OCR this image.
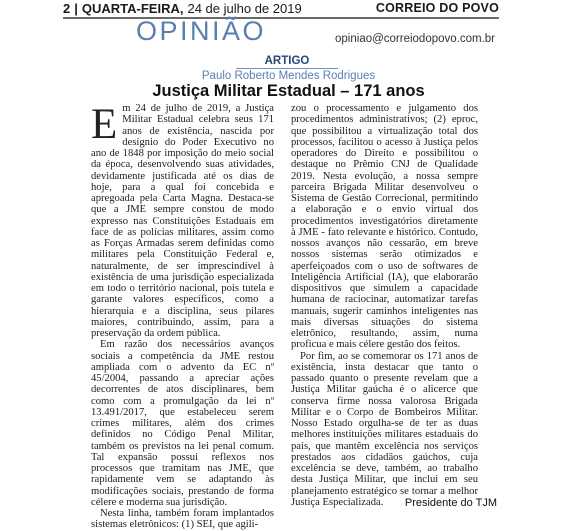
2 | QUARTA-FEIRA, 24 de julho de 2019	CORREIO DO POVO
OPINIÃO	opiniao@correiodopovo.com.br
ARTIGO
Paulo Roberto Mendes Rodrigues
Justiça Militar Estadual – 171 anos
E m 24 de julho de 2019, a Justiça Militar Estadual celebra seus 171 anos de existência, nascida por desígnio do Poder Executivo no ano de 1848 por imposição do meio social da época, desenvolvendo suas atividades, devidamente justificada até os dias de hoje, para a qual foi concebida e apregoada pela Carta Magna. Destaca-se que a JME sempre constou de modo expresso nas Constituições Estaduais em face de as polícias militares, assim como as Forças Armadas serem definidas como militares pela Constituição Federal e, naturalmente, de ser imprescindível à existência de uma jurisdição especializada em todo o território nacional, pois tutela e garante valores específicos, como a hierarquia e a disciplina, seus pilares maiores, contribuindo, assim, para a preservação da ordem pública.

Em razão dos necessários avanços sociais a competência da JME restou ampliada com o advento da EC nº 45/2004, passando a apreciar ações decorrentes de atos disciplinares, bem como com a promulgação da lei nº 13.491/2017, que estabeleceu serem crimes militares, além dos crimes definidos no Código Penal Militar, também os previstos na lei penal comum. Tal expansão possui reflexos nos processos que tramitam nas JME, que rapidamente vem se adaptando às modificações sociais, prestando de forma célere e moderna sua jurisdição.

Nesta linha, também foram implantados sistemas eletrônicos: (1) SEI, que agili-

zou o processamento e julgamento dos procedimentos administrativos; (2) eproc, que possibilitou a virtualização total dos processos, facilitou o acesso à Justiça pelos operadores do Direito e possibilitou o destaque no Prêmio CNJ de Qualidade 2019. Nesta evolução, a nossa sempre parceira Brigada Militar desenvolveu o Sistema de Gestão Correcional, permitindo a elaboração e o envio virtual dos procedimentos investigatórios diretamente à JME - fato relevante e histórico. Contudo, nossos avanços não cessarão, em breve nossos sistemas serão otimizados e aperfeiçoados com o uso de softwares de Inteligência Artificial (IA), que elaborarão dispositivos que simulem a capacidade humana de raciocinar, automatizar tarefas manuais, sugerir caminhos inteligentes nas mais diversas situações do sistema eletrônico, resultando, assim, numa proficua e mais célere gestão dos feitos.

Por fim, ao se comemorar os 171 anos de existência, insta destacar que tanto o passado quanto o presente revelam que a Justiça Militar gaúcha é o alicerce que conserva firme nossa valorosa Brigada Militar e o Corpo de Bombeiros Militar. Nosso Estado orgulha-se de ter as duas melhores instituições militares estaduais do país, que mantêm excelência nos serviços prestados aos cidadãos gaúchos, cuja excelência se deve, também, ao trabalho desta Justiça Militar, que inclui em seu planejamento estratégico se tornar a melhor Justiça Especializada.	Presidente do TJM
